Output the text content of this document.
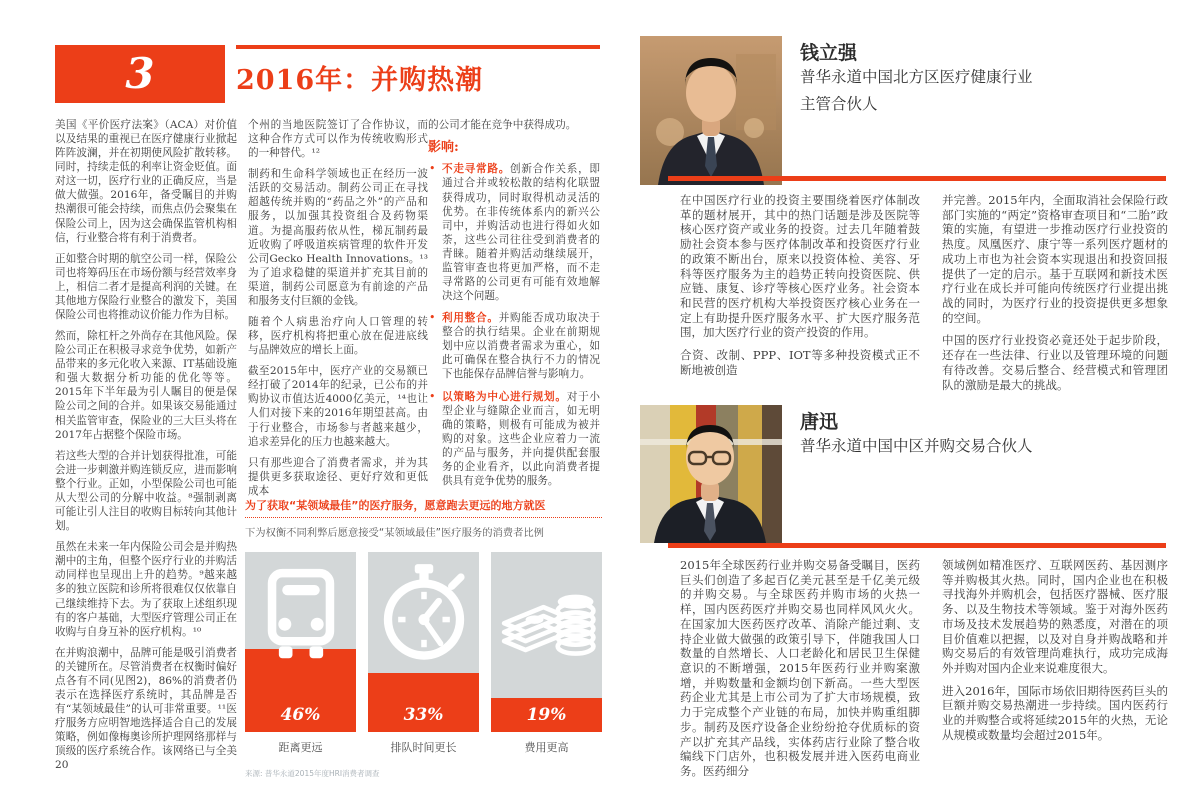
3	2016年：并购热潮

美国《平价医疗法案》（ACA）对价值以及结果的重视已在医疗健康行业掀起阵阵波澜，并在初期使风险扩散转移。同时，持续走低的利率让资金贬值。面对这一切，医疗行业的正确反应，当是做大做强。2016年，备受瞩目的并购热潮很可能会持续，而焦点仍会聚集在保险公司上，因为这会确保监管机构相信，行业整合将有利于消费者。

正如整合时期的航空公司一样，保险公司也将筹码压在市场份额与经营效率身上，相信二者才是提高利润的关键。在其他地方保险行业整合的激发下，美国保险公司也将推动议价能力作为目标。

然而，除杠杆之外尚存在其他风险。保险公司正在积极寻求竞争优势，如新产品带来的多元化收入来源、IT基础设施和强大数据分析功能的优化等等。2015年下半年最为引人瞩目的便是保险公司之间的合并。如果该交易能通过相关监管审查，保险业的三大巨头将在2017年占据整个保险市场。

若这些大型的合并计划获得批准，可能会进一步刺激并购连锁反应，进而影响整个行业。正如，小型保险公司也可能从大型公司的分解中收益。⁸强制剥离可能让引人注目的收购目标转向其他计划。

虽然在未来一年内保险公司会是并购热潮中的主角，但整个医疗行业的并购活动同样也呈现出上升的趋势。⁹越来越多的独立医院和诊所将很难仅仅依靠自己继续维持下去。为了获取上述组织现有的客户基础，大型医疗管理公司正在收购与自身互补的医疗机构。¹⁰

在并购浪潮中，品牌可能是吸引消费者的关键所在。尽管消费者在权衡时偏好点各有不同(见图2)，86%的消费者仍表示在选择医疗系统时，其品牌是否有“某领域最佳”的认可非常重要。¹¹医疗服务方应明智地选择适合自己的发展策略，例如像梅奥诊所护理网络那样与顶级的医疗系统合作。该网络已与全美20

个州的当地医院签订了合作协议，而这种合作方式可以作为传统收购形式的一种替代。¹²

制药和生命科学领域也正在经历一波活跃的交易活动。制药公司正在寻找超越传统并购的“药品之外”的产品和服务，以加强其投资组合及药物渠道。为提高服药依从性，梯瓦制药最近收购了呼吸道疾病管理的软件开发公司Gecko Health Innovations。¹³为了追求稳健的渠道并扩充其目前的渠道，制药公司愿意为有前途的产品和服务支付巨额的金钱。

随着个人病患治疗向人口管理的转移，医疗机构将把重心放在促进底线与品牌效应的增长上面。

截至2015年中，医疗产业的交易额已经打破了2014年的纪录，已公布的并购协议市值达近4000亿美元，¹⁴也让人们对接下来的2016年期望甚高。由于行业整合，市场参与者越来越少，追求差异化的压力也越来越大。

只有那些迎合了消费者需求，并为其提供更多获取途径、更好疗效和更低成本

的公司才能在竞争中获得成功。

影响:
• 不走寻常路。创新合作关系，即通过合并或较松散的结构化联盟获得成功，同时取得机动灵活的优势。在非传统体系内的新兴公司中，并购活动也进行得如火如荼，这些公司往往受到消费者的青睐。随着并购活动继续展开，监管审查也将更加严格，而不走寻常路的公司更有可能有效地解决这个问题。
• 利用整合。并购能否成功取决于整合的执行结果。企业在前期规划中应以消费者需求为重心，如此可确保在整合执行不力的情况下也能保存品牌信誉与影响力。
• 以策略为中心进行规划。对于小型企业与缝隙企业而言，如无明确的策略，则极有可能成为被并购的对象。这些企业应着力一流的产品与服务，并向提供配套服务的企业看齐，以此向消费者提供具有竞争优势的服务。
为了获取“某领域最佳”的医疗服务，愿意跑去更远的地方就医
下为权衡不同利弊后愿意接受“某领域最佳”医疗服务的消费者比例
46%	33%	19%
距离更远	排队时间更长	费用更高
来源: 普华永道2015年度HRI消费者调查
钱立强
普华永道中国北方区医疗健康行业
主管合伙人

在中国医疗行业的投资主要围绕着医疗体制改革的题材展开，其中的热门话题是涉及医院等核心医疗资产或业务的投资。过去几年随着鼓励社会资本参与医疗体制改革和投资医疗行业的政策不断出台，原来以投资体检、美容、牙科等医疗服务为主的趋势正转向投资医院、供应链、康复、诊疗等核心医疗业务。社会资本和民营的医疗机构大举投资医疗核心业务在一定上有助提升医疗服务水平、扩大医疗服务范围，加大医疗行业的资产投资的作用。

合资、改制、PPP、IOT等多种投资模式正不断地被创造

并完善。2015年内，全面取消社会保险行政部门实施的“两定”资格审查项目和“二胎”政策的实施，有望进一步推动医疗行业投资的热度。凤凰医疗、康宁等一系列医疗题材的成功上市也为社会资本实现退出和投资回报提供了一定的启示。基于互联网和新技术医疗行业在成长并可能向传统医疗行业提出挑战的同时，为医疗行业的投资提供更多想象的空间。

中国的医疗行业投资必竟还处于起步阶段，还存在一些法律、行业以及管理环境的问题有待改善。交易后整合、经营模式和管理团队的激励是最大的挑战。

唐迅
普华永道中国中区并购交易合伙人

2015年全球医药行业并购交易备受瞩目，医药巨头们创造了多起百亿美元甚至是千亿美元级的并购交易。与全球医药并购市场的火热一样，国内医药医疗并购交易也同样风风火火。在国家加大医药医疗改革、消除产能过剩、支持企业做大做强的政策引导下，伴随我国人口数量的自然增长、人口老龄化和居民卫生保健意识的不断增强，2015年医药行业并购案激增，并购数量和金额均创下新高。一些大型医药企业尤其是上市公司为了扩大市场规模，致力于完成整个产业链的布局，加快并购重组脚步。制药及医疗设备企业纷纷抢夺优质标的资产以扩充其产品线，实体药店行业除了整合收编线下门店外，也积极发展并进入医药电商业务。医药细分

领域例如精准医疗、互联网医药、基因测序等并购极其火热。同时，国内企业也在积极寻找海外并购机会，包括医疗器械、医疗服务、以及生物技术等领域。鉴于对海外医药市场及技术发展趋势的熟悉度，对潜在的项目价值难以把握，以及对自身并购战略和并购交易后的有效管理尚难执行，成功完成海外并购对国内企业来说难度很大。

进入2016年，国际市场依旧期待医药巨头的巨额并购交易热潮进一步持续。国内医药行业的并购整合或将延续2015年的火热，无论从规模或数量均会超过2015年。
